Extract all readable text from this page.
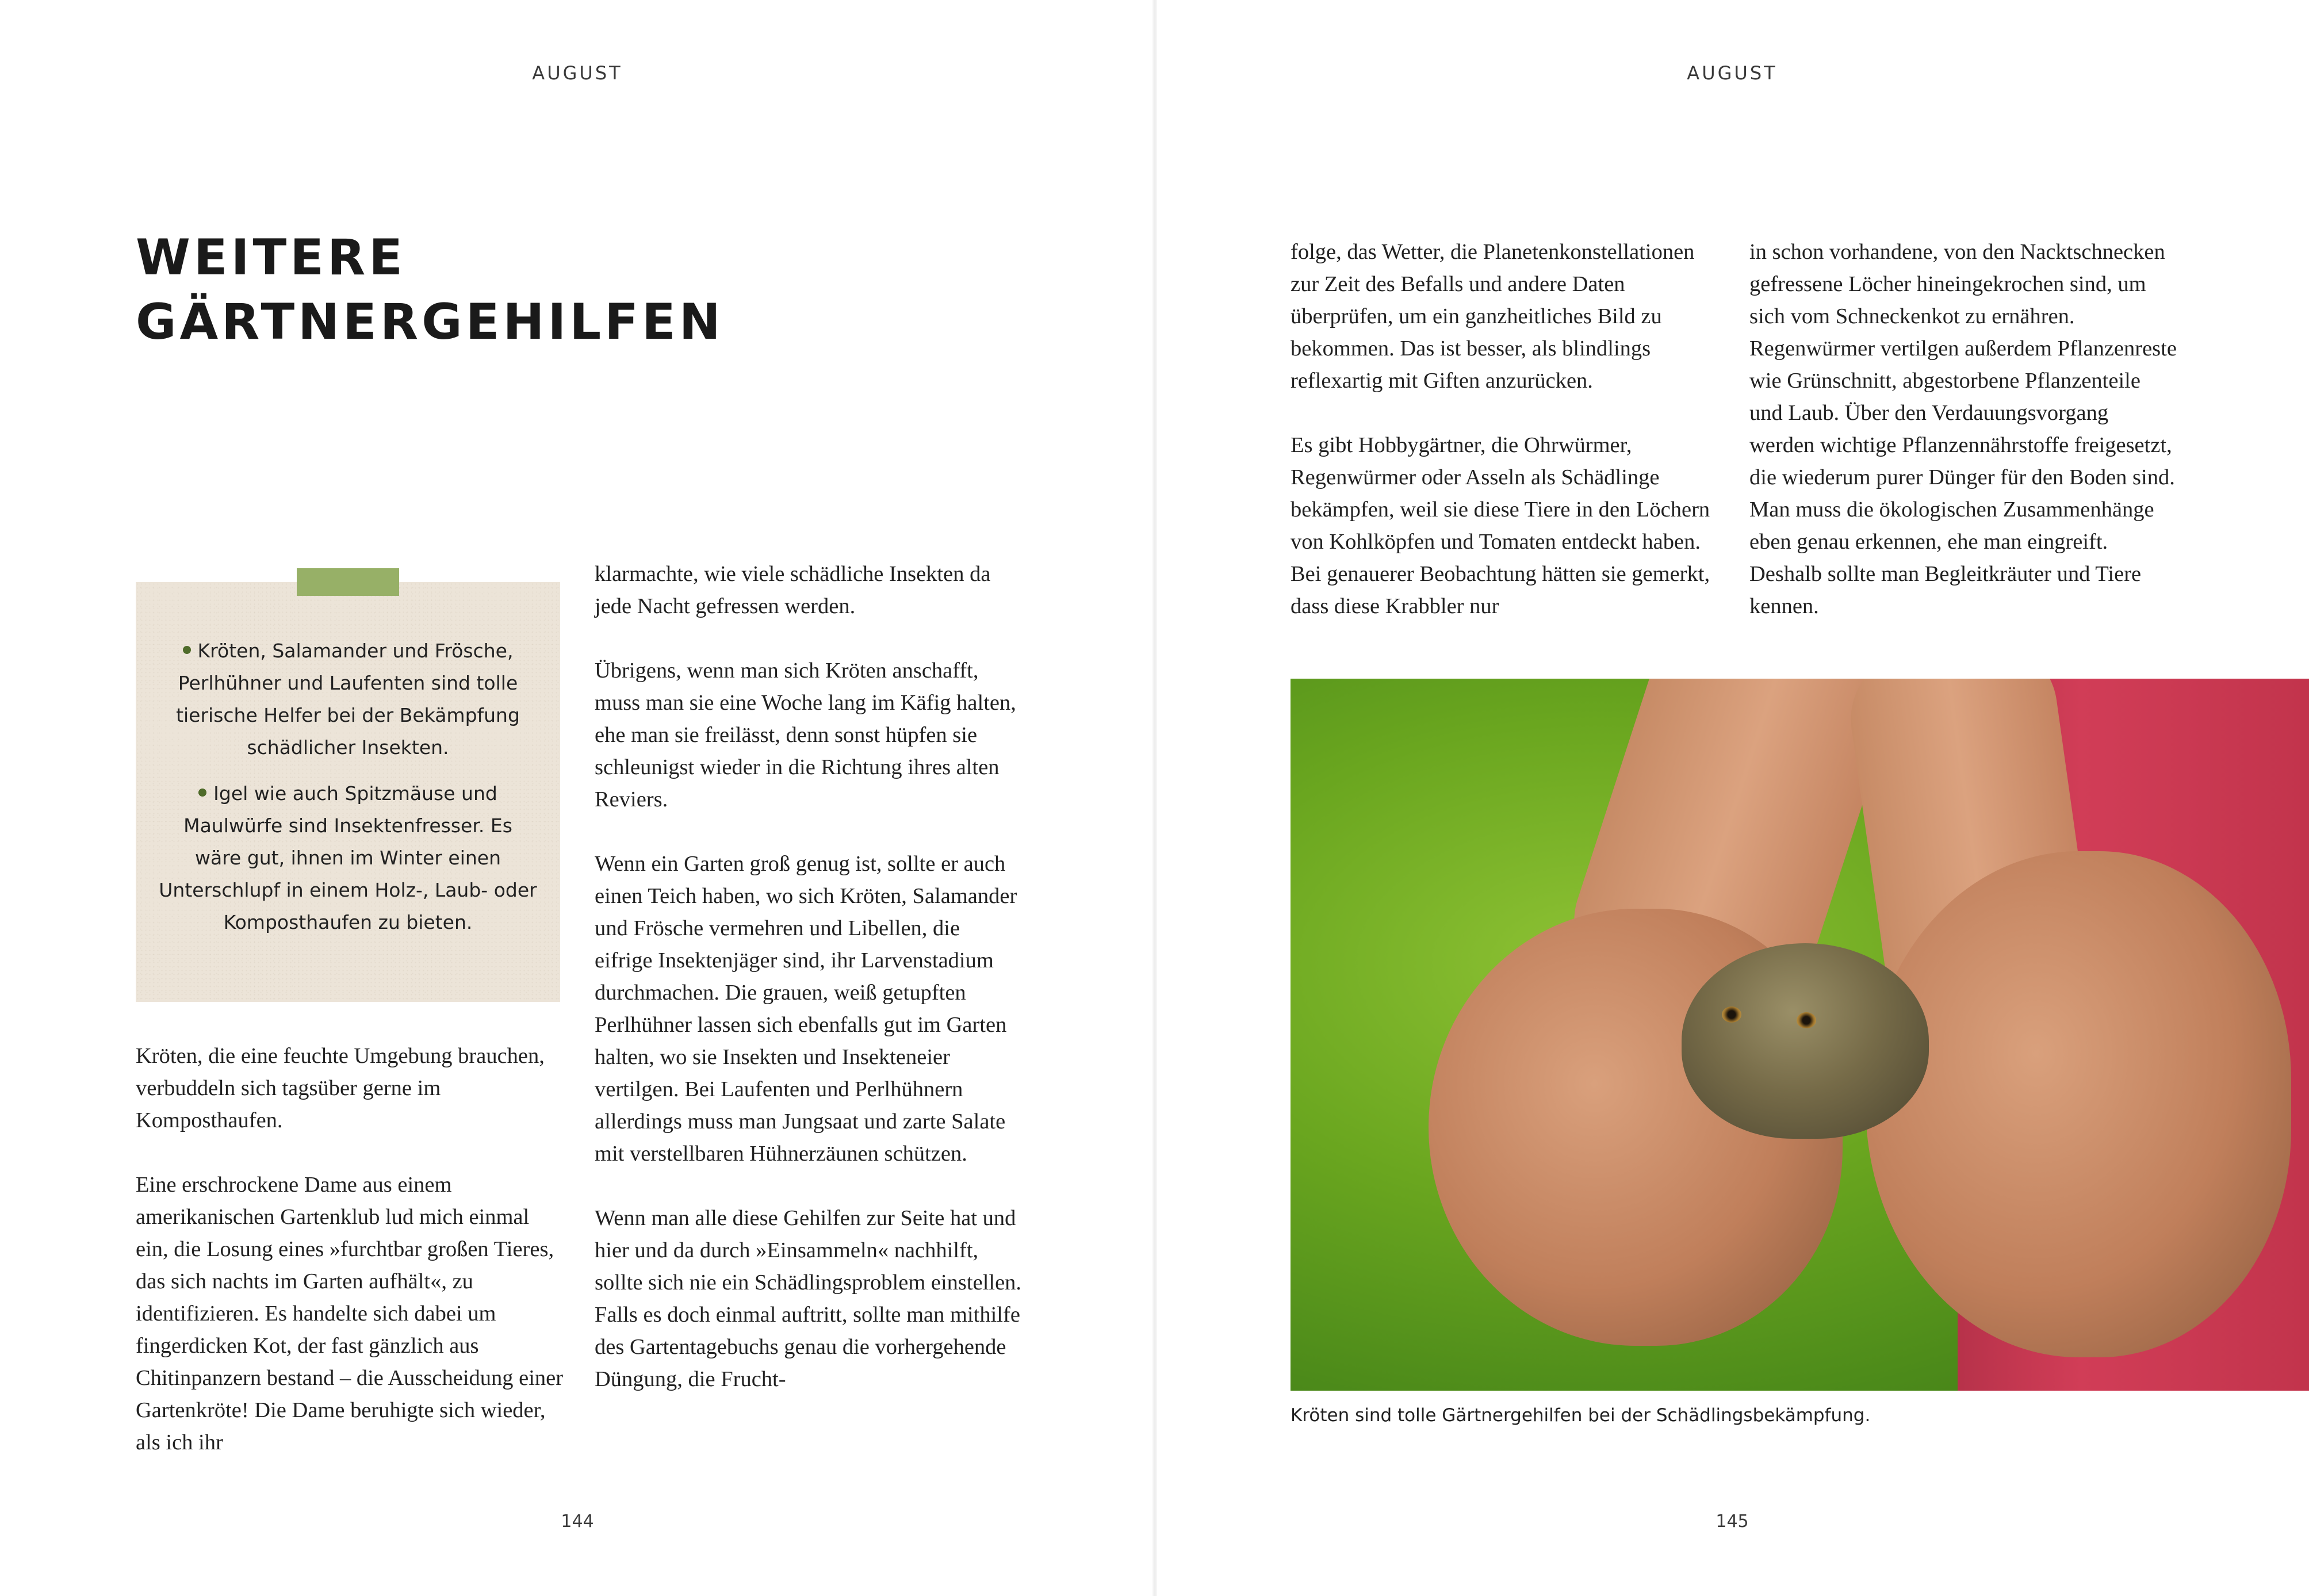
AUGUST
WEITERE
GÄRTNERGEHILFEN

Kröten, Salamander und Frösche, Perlhühner und Laufenten sind tolle tierische Helfer bei der Bekämpfung schädlicher Insekten.

Igel wie auch Spitzmäuse und Maulwürfe sind Insektenfresser. Es wäre gut, ihnen im Winter einen Unterschlupf in einem Holz-, Laub- oder Komposthaufen zu bieten.

Kröten, die eine feuchte Umgebung brauchen, verbuddeln sich tagsüber gerne im Komposthaufen.

Eine erschrockene Dame aus einem amerikanischen Gartenklub lud mich einmal ein, die Losung eines »furchtbar großen Tieres, das sich nachts im Garten aufhält«, zu identifizieren. Es handelte sich dabei um fingerdicken Kot, der fast gänzlich aus Chitinpanzern bestand – die Ausscheidung einer Gartenkröte! Die Dame beruhigte sich wieder, als ich ihr

klarmachte, wie viele schädliche Insekten da jede Nacht gefressen werden.

Übrigens, wenn man sich Kröten anschafft, muss man sie eine Woche lang im Käfig halten, ehe man sie freilässt, denn sonst hüpfen sie schleunigst wieder in die Richtung ihres alten Reviers.

Wenn ein Garten groß genug ist, sollte er auch einen Teich haben, wo sich Kröten, Salamander und Frösche vermehren und Libellen, die eifrige Insektenjäger sind, ihr Larvenstadium durchmachen. Die grauen, weiß getupften Perlhühner lassen sich ebenfalls gut im Garten halten, wo sie Insekten und Insekteneier vertilgen. Bei Laufenten und Perlhühnern allerdings muss man Jungsaat und zarte Salate mit verstellbaren Hühnerzäunen schützen.

Wenn man alle diese Gehilfen zur Seite hat und hier und da durch »Einsammeln« nachhilft, sollte sich nie ein Schädlingsproblem einstellen. Falls es doch einmal auftritt, sollte man mithilfe des Gartentagebuchs genau die vorhergehende Düngung, die Frucht-

144
AUGUST

folge, das Wetter, die Planetenkonstellationen zur Zeit des Befalls und andere Daten überprüfen, um ein ganzheitliches Bild zu bekommen. Das ist besser, als blindlings reflexartig mit Giften anzurücken.

Es gibt Hobbygärtner, die Ohrwürmer, Regenwürmer oder Asseln als Schädlinge bekämpfen, weil sie diese Tiere in den Löchern von Kohlköpfen und Tomaten entdeckt haben. Bei genauerer Beobachtung hätten sie gemerkt, dass diese Krabbler nur

in schon vorhandene, von den Nacktschnecken gefressene Löcher hineingekrochen sind, um sich vom Schneckenkot zu ernähren. Regenwürmer vertilgen außerdem Pflanzenreste wie Grünschnitt, abgestorbene Pflanzenteile und Laub. Über den Verdauungsvorgang werden wichtige Pflanzennährstoffe freigesetzt, die wiederum purer Dünger für den Boden sind. Man muss die ökologischen Zusammenhänge eben genau erkennen, ehe man eingreift. Deshalb sollte man Begleitkräuter und Tiere kennen.

Kröten sind tolle Gärtnergehilfen bei der Schädlingsbekämpfung.
145
